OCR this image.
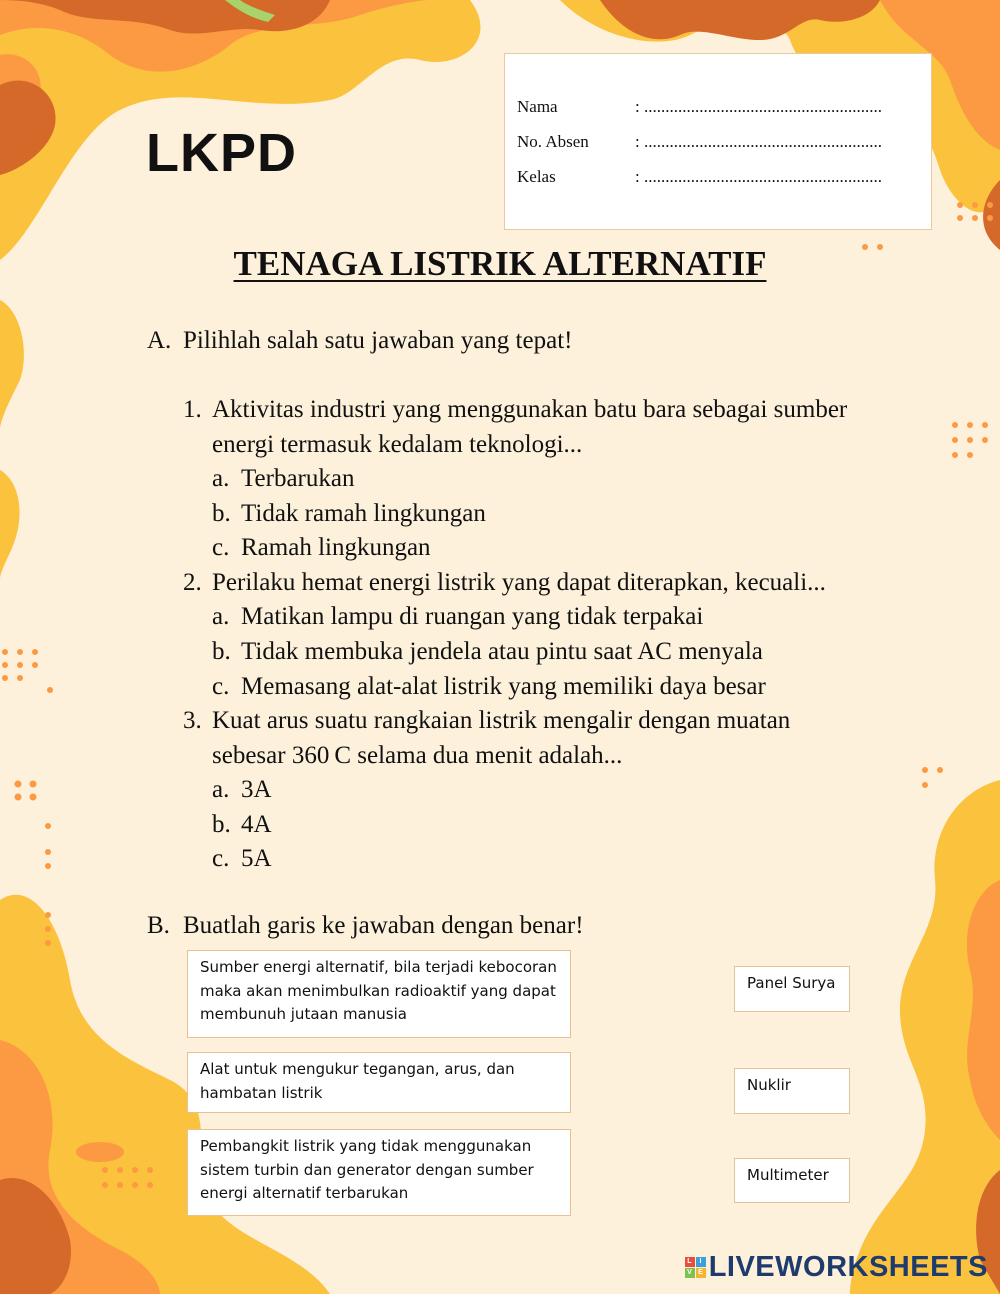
LKPD
Nama	: ........................................................
No. Absen	: ........................................................
Kelas	: ........................................................
TENAGA LISTRIK ALTERNATIF
A. Pilihlah salah satu jawaban yang tepat!
1. Aktivitas industri yang menggunakan batu bara sebagai sumber
energi termasuk kedalam teknologi...
a. Terbarukan
b. Tidak ramah lingkungan
c. Ramah lingkungan
2. Perilaku hemat energi listrik yang dapat diterapkan, kecuali...
a. Matikan lampu di ruangan yang tidak terpakai
b. Tidak membuka jendela atau pintu saat AC menyala
c. Memasang alat-alat listrik yang memiliki daya besar
3. Kuat arus suatu rangkaian listrik mengalir dengan muatan
sebesar 360 C selama dua menit adalah...
a. 3A
b. 4A
c. 5A
B. Buatlah garis ke jawaban dengan benar!
Sumber energi alternatif, bila terjadi kebocoran
maka akan menimbulkan radioaktif yang dapat
membunuh jutaan manusia
Alat untuk mengukur tegangan, arus, dan
hambatan listrik
Pembangkit listrik yang tidak menggunakan
sistem turbin dan generator dengan sumber
energi alternatif terbarukan
Panel Surya
Nuklir
Multimeter
L	I
V E LIVEWORKSHEETS
